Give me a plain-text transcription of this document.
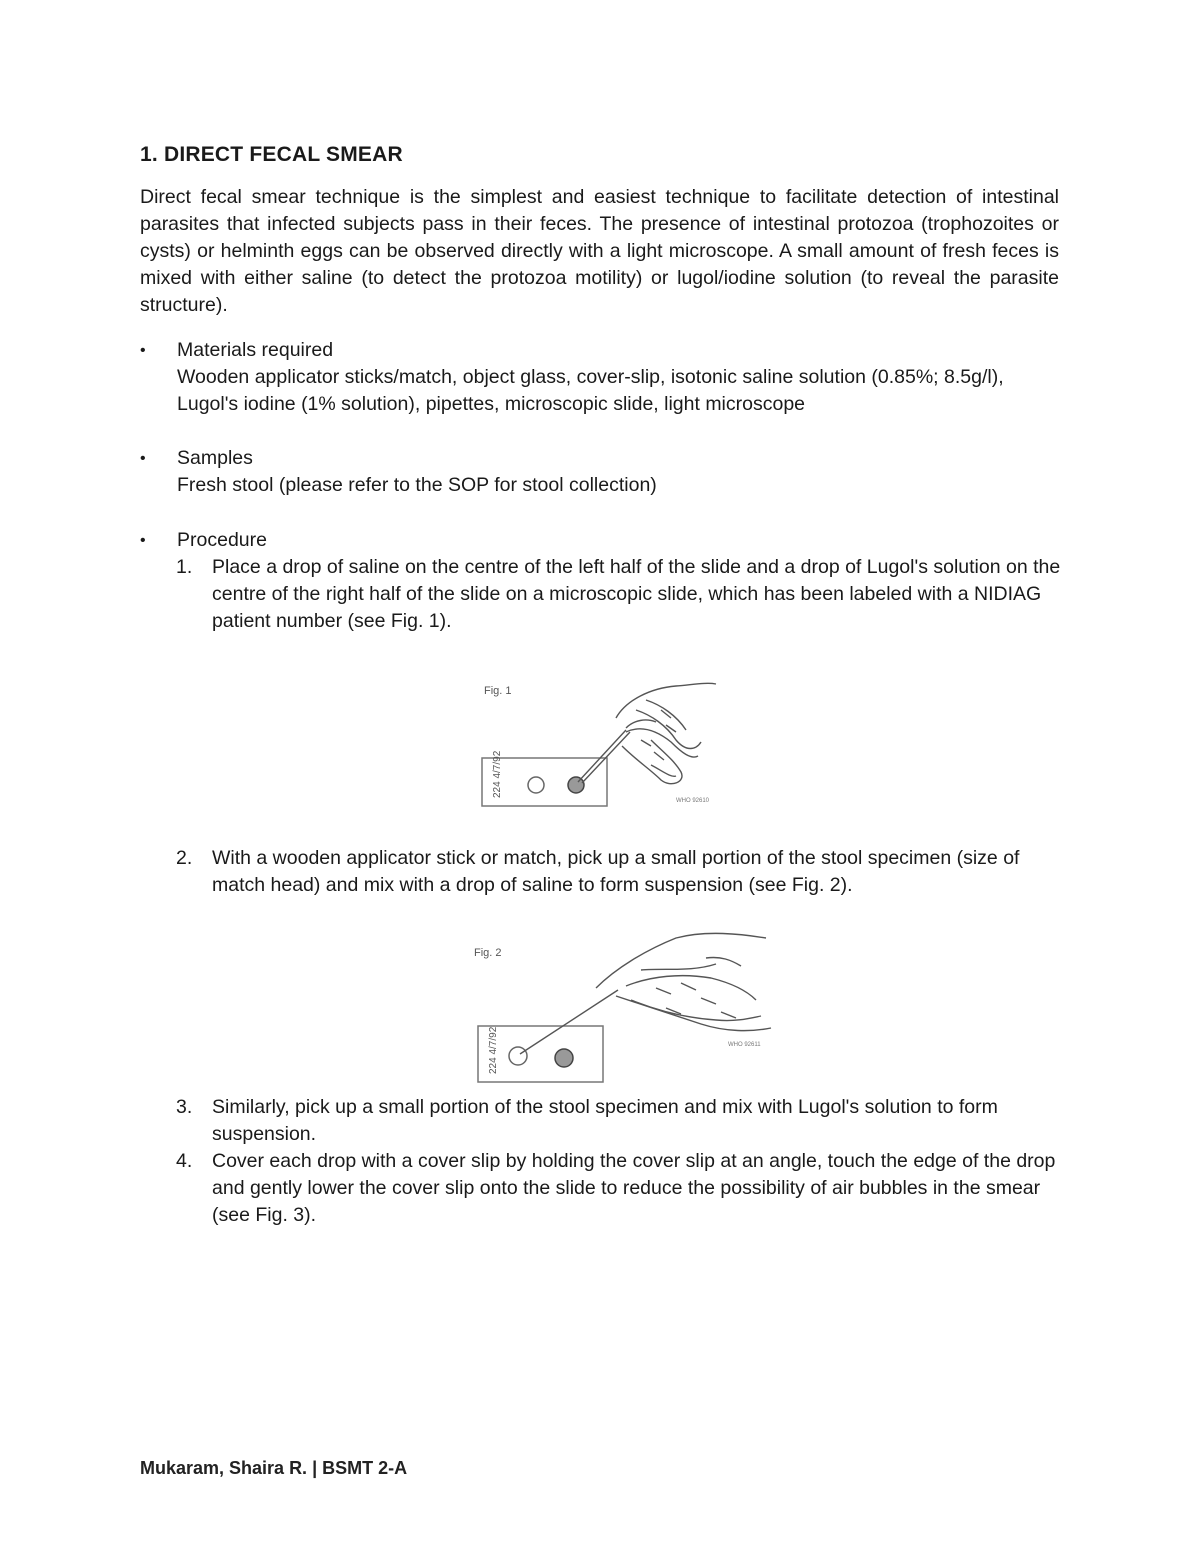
1. DIRECT FECAL SMEAR

Direct fecal smear technique is the simplest and easiest technique to facilitate detection of intestinal parasites that infected subjects pass in their feces. The presence of intestinal protozoa (trophozoites or cysts) or helminth eggs can be observed directly with a light microscope. A small amount of fresh feces is mixed with either saline (to detect the protozoa motility) or lugol/iodine solution (to reveal the parasite structure).

•	Materials required
Wooden applicator sticks/match, object glass, cover-slip, isotonic saline solution (0.85%; 8.5g/l), Lugol's iodine (1% solution), pipettes, microscopic slide, light microscope
•	Samples
Fresh stool (please refer to the SOP for stool collection)
•	Procedure
1. Place a drop of saline on the centre of the left half of the slide and a drop of Lugol's solution on the centre of the right half of the slide on a microscopic slide, which has been labeled with a NIDIAG patient number (see Fig. 1).
Fig. 1
224 4/7/92
WHO 92610
2. With a wooden applicator stick or match, pick up a small portion of the stool specimen (size of match head) and mix with a drop of saline to form suspension (see Fig. 2).
Fig. 2
224 4/7/92	WHO 92611
3. Similarly, pick up a small portion of the stool specimen and mix with Lugol's solution to form suspension.
4. Cover each drop with a cover slip by holding the cover slip at an angle, touch the edge of the drop and gently lower the cover slip onto the slide to reduce the possibility of air bubbles in the smear (see Fig. 3).
Mukaram, Shaira R. | BSMT 2-A
